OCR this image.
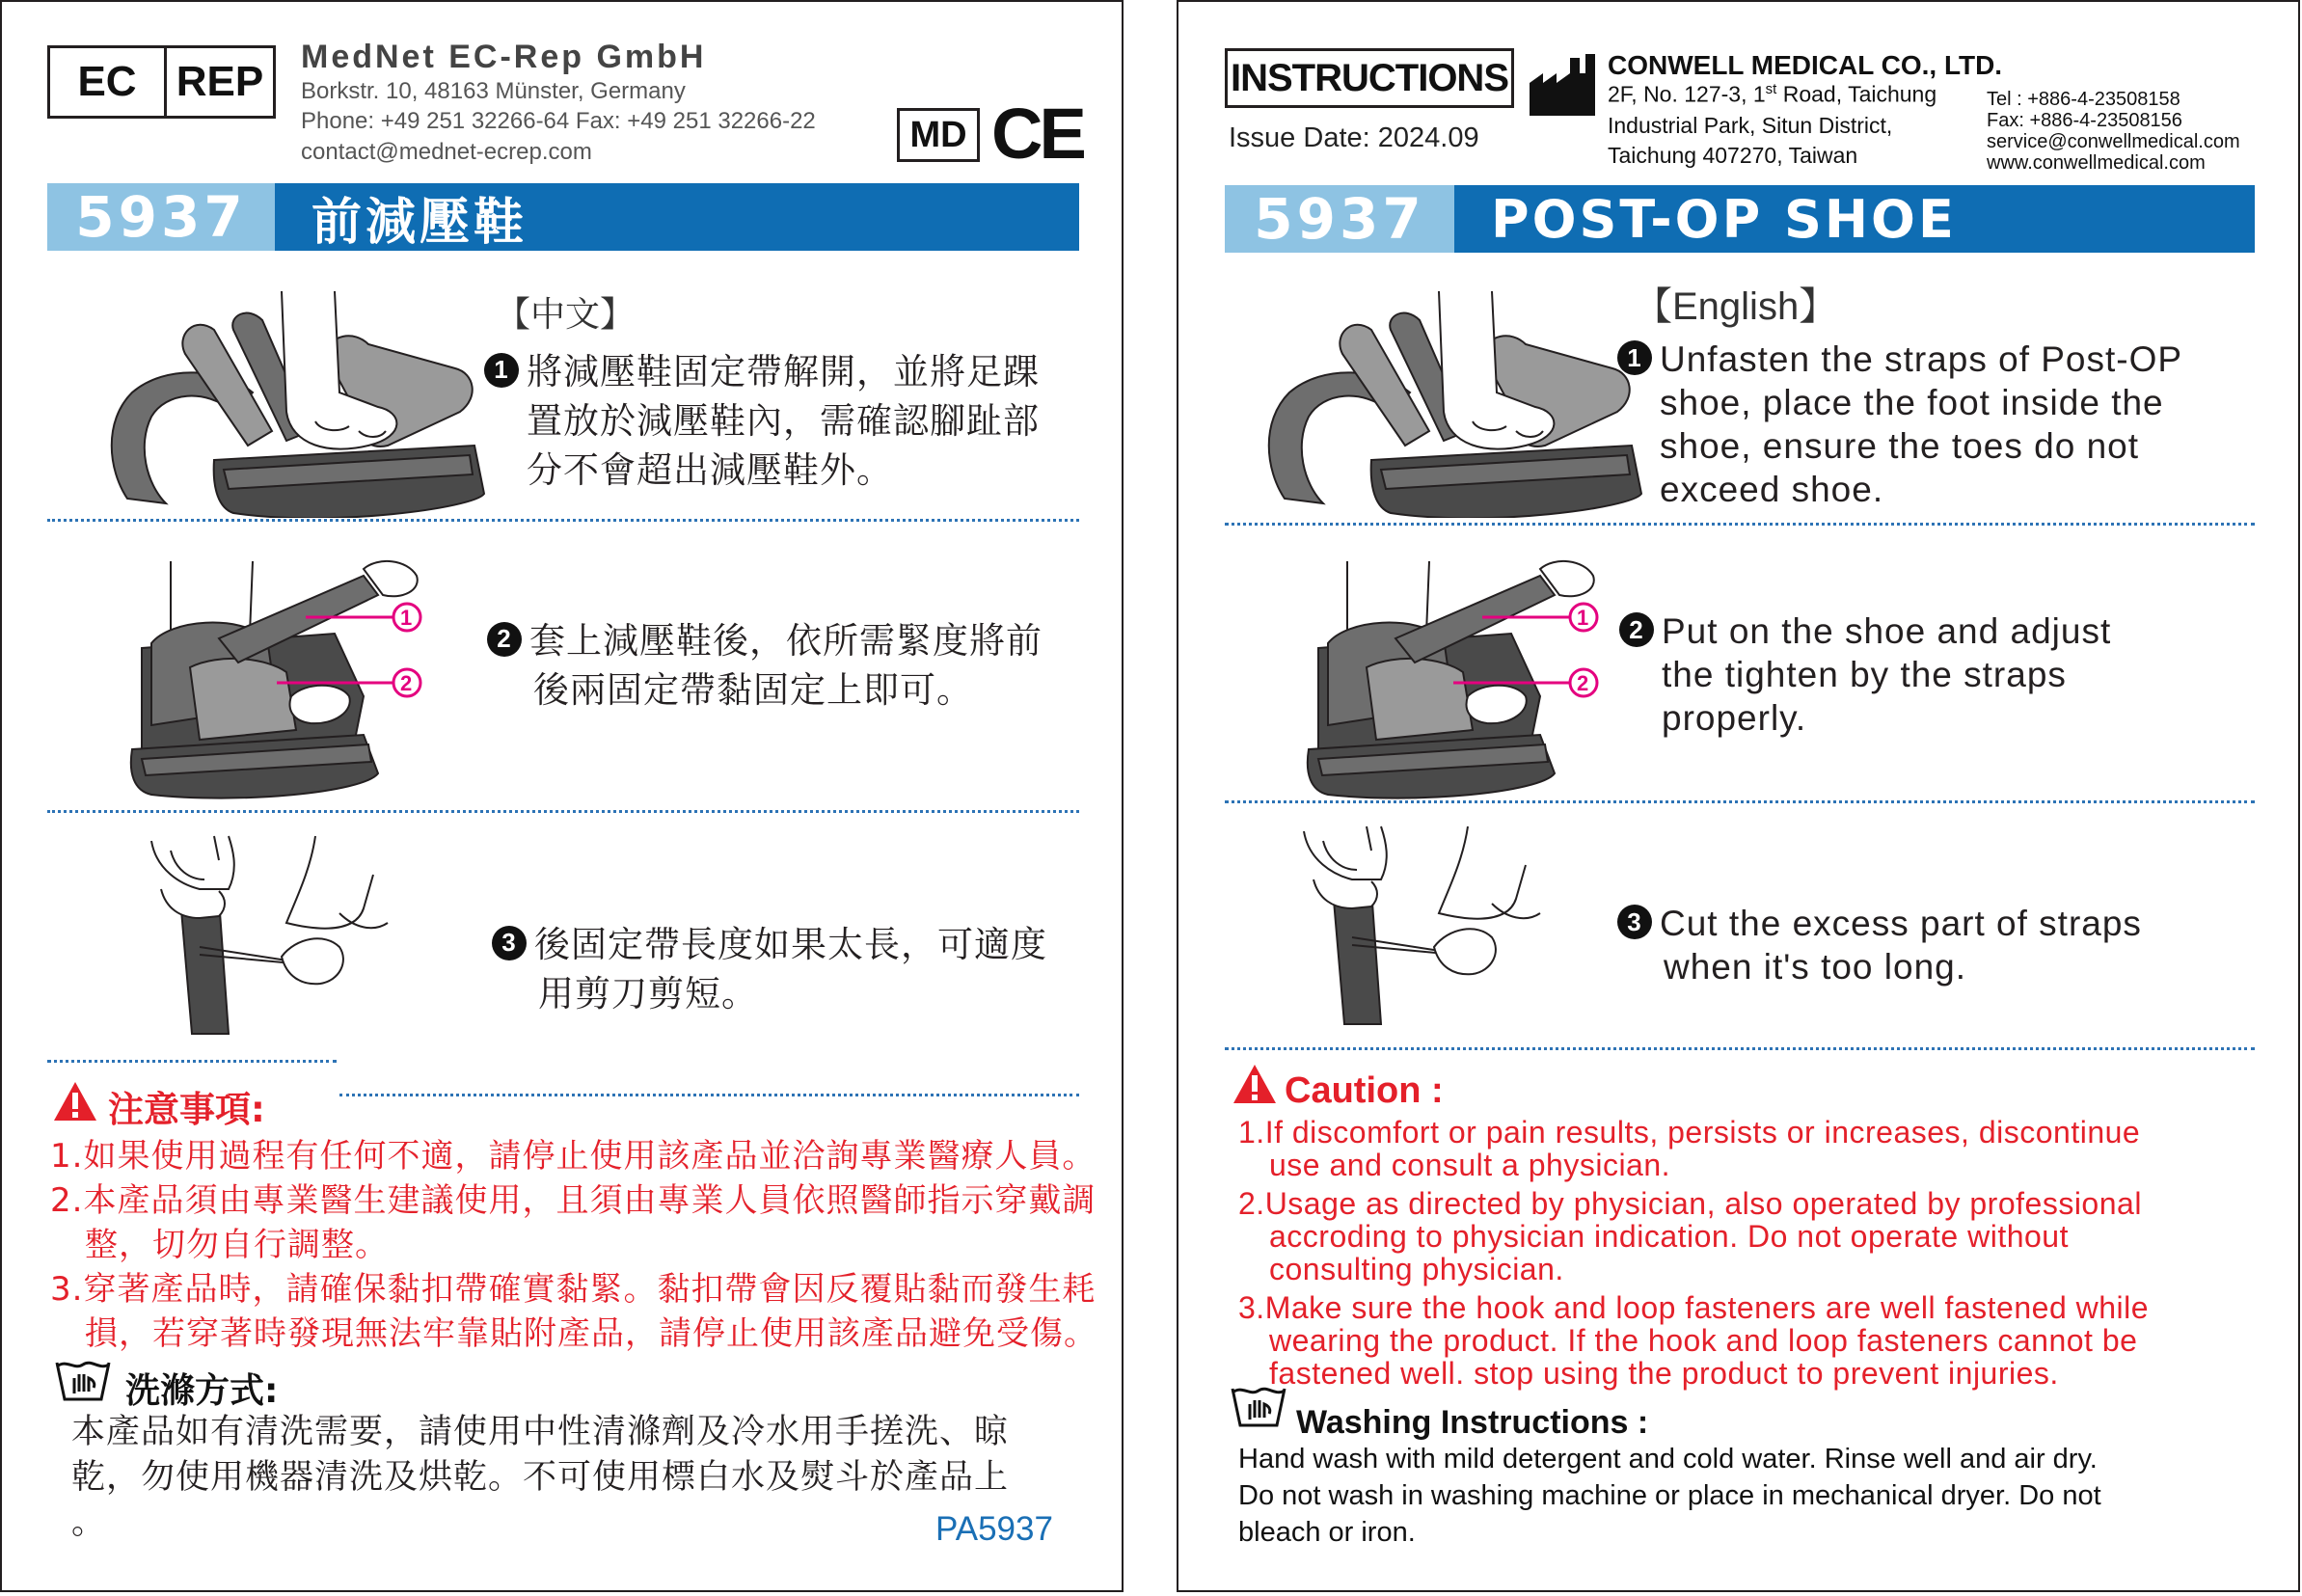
EC REP
MedNet EC-Rep GmbH
Borkstr. 10, 48163 Münster, Germany
Phone: +49 251 32266-64 Fax: +49 251 32266-22
contact@mednet-ecrep.com	MD CE
5937	前減壓鞋
【中文】
1 將減壓鞋固定帶解開，並將足踝
置放於減壓鞋內，需確認腳趾部
分不會超出減壓鞋外。
1
2
2 套上減壓鞋後，依所需緊度將前
後兩固定帶黏固定上即可。
3 後固定帶長度如果太長，可適度
用剪刀剪短。
注意事項:
1.如果使用過程有任何不適，請停止使用該產品並洽詢專業醫療人員。
2.本產品須由專業醫生建議使用，且須由專業人員依照醫師指示穿戴調
整，切勿自行調整。
3.穿著產品時，請確保黏扣帶確實黏緊。黏扣帶會因反覆貼黏而發生耗
損，若穿著時發現無法牢靠貼附產品，請停止使用該產品避免受傷。
洗滌方式:
本產品如有清洗需要，請使用中性清滌劑及冷水用手搓洗、晾
乾，勿使用機器清洗及烘乾。不可使用標白水及熨斗於產品上
。	PA5937
INSTRUCTIONS
Issue Date: 2024.09
CONWELL MEDICAL CO., LTD.
2F, No. 127-3, 1st Road, Taichung
Industrial Park, Situn District,
Taichung 407270, Taiwan
Tel : +886-4-23508158
Fax: +886-4-23508156
service@conwellmedical.com
www.conwellmedical.com
5937	POST-OP SHOE
【English】
1 Unfasten the straps of Post-OP
shoe, place the foot inside the
shoe, ensure the toes do not
exceed shoe.
1
2
2 Put on the shoe and adjust
the tighten by the straps
properly.
3 Cut the excess part of straps
when it's too long.
Caution :
1.If discomfort or pain results, persists or increases, discontinue
use and consult a physician.
2.Usage as directed by physician, also operated by professional
accroding to physician indication. Do not operate without
consulting physician.
3.Make sure the hook and loop fasteners are well fastened while
wearing the product. If the hook and loop fasteners cannot be
fastened well. stop using the product to prevent injuries.
Washing Instructions :
Hand wash with mild detergent and cold water. Rinse well and air dry.
Do not wash in washing machine or place in mechanical dryer. Do not
bleach or iron.
